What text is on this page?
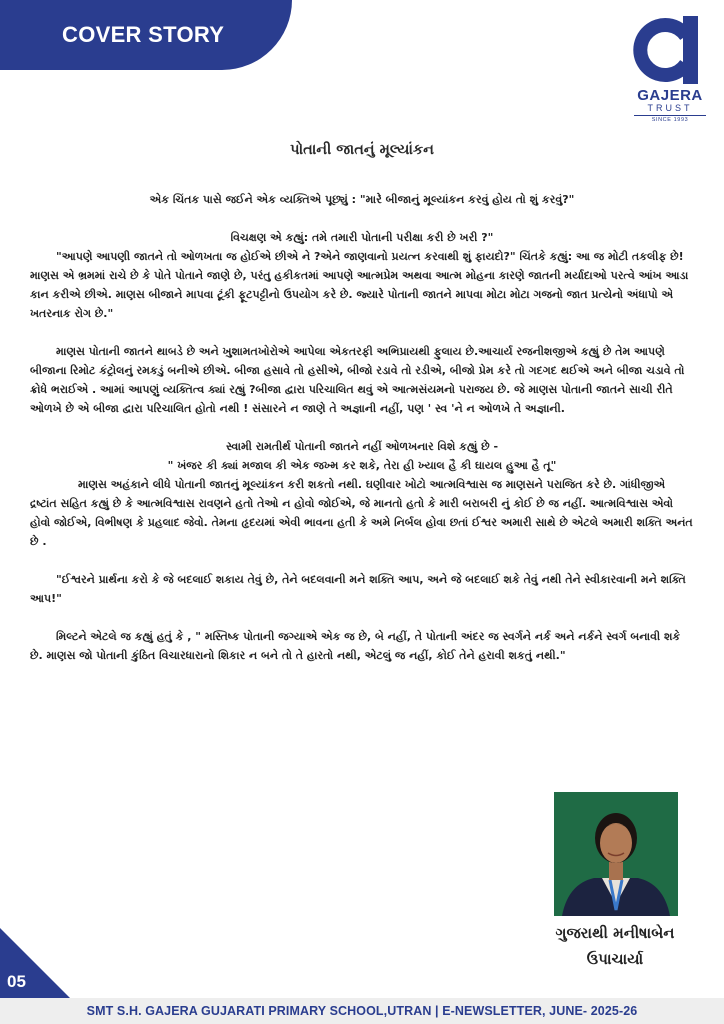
COVER STORY
GAJERA
TRUST
SINCE 1993
પોતાની જાતનું મૂલ્યાંકન

એક ચિંતક પાસે જઈને એક વ્યક્તિએ પૂછ્યું : "મારે બીજાનું મૂલ્યાંકન કરવું હોય તો શું કરવું?"

વિચક્ષણ એ કહ્યું: તમે તમારી પોતાની પરીક્ષા કરી છે ખરી ?"

"આપણે આપણી જાતને તો ઓળખતા જ હોઈએ છીએ ને ?એને જાણવાનો પ્રયત્ન કરવાથી શું ફાયદો?" ચિંતકે કહ્યું: આ જ મોટી તકલીફ છે! માણસ એ ભ્રમમાં રાચે છે કે પોતે પોતાને જાણે છે, પરંતુ હકીકતમાં આપણે આત્મપ્રેમ અથવા આત્મ મોહના કારણે જાતની મર્યાદાઓ પરત્વે આંખ આડા કાન કરીએ છીએ. માણસ બીજાને માપવા ટૂંકી ફૂટપટ્ટીનો ઉપયોગ કરે છે. જ્યારે પોતાની જાતને માપવા મોટા મોટા ગજનો જાત પ્રત્યેનો અંધાપો એ ખતરનાક રોગ છે."

માણસ પોતાની જાતને થાબડે છે અને ખુશામતખોરોએ આપેલા એકતરફી અભિપ્રાયથી ફુલાય છે.આચાર્ય રજનીશજીએ કહ્યું છે તેમ આપણે બીજાના રિમોટ કંટ્રોલનું રમકડું બનીએ છીએ. બીજા હસાવે તો હસીએ, બીજો રડાવે તો રડીએ, બીજો પ્રેમ કરે તો ગદગદ થઈએ અને બીજા ચડાવે તો ક્રોધે ભરાઈએ . આમાં આપણું વ્યક્તિત્વ ક્યાં રહ્યું ?બીજા દ્વારા પરિચાલિત થવું એ આત્મસંયમનો પરાજય છે. જે માણસ પોતાની જાતને સાચી રીતે ઓળખે છે એ બીજા દ્વારા પરિચાલિત હોતો નથી ! સંસારને ન જાણે તે અજ્ઞાની નહીં, પણ ' સ્વ 'ને ન ઓળખે તે અજ્ઞાની.

સ્વામી રામતીર્થ પોતાની જાતને નહીં ઓળખનાર વિશે કહ્યું છે -

" ખંજર કી ક્યાં મજાલ કી એક જખ્મ કર શકે, તેરા હી ખ્યાલ હૈ કી ઘાયલ હુઆ હૈ તૂ"

માણસ અહંકાને લીધે પોતાની જાતનું મૂલ્યાંકન કરી શકતો નથી. ઘણીવાર ખોટો આત્મવિશ્વાસ જ માણસને પરાજિત કરે છે. ગાંધીજીએ દ્રષ્ટાંત સહિત કહ્યું છે કે આત્મવિશ્વાસ રાવણને હતો તેઓ ન હોવો જોઈએ, જે માનતો હતો કે મારી બરાબરી નું કોઈ છે જ નહીં. આત્મવિશ્વાસ એવો હોવો જોઈએ, વિભીષણ કે પ્રહલાદ જેવો. તેમના હૃદયમાં એવી ભાવના હતી કે અમે નિર્બલ હોવા છતાં ઈશ્વર અમારી સાથે છે એટલે અમારી શક્તિ અનંત છે .

"ઈશ્વરને પ્રાર્થના કરો કે જે બદલાઈ શકાય તેવું છે, તેને બદલવાની મને શક્તિ આપ, અને જે બદલાઈ શકે તેવું નથી તેને સ્વીકારવાની મને શક્તિ આપ!"

મિલ્ટને એટલે જ કહ્યું હતું કે , " મસ્તિષ્ક પોતાની જગ્યાએ એક જ છે, બે નહીં, તે પોતાની અંદર જ સ્વર્ગને નર્ક અને નર્કને સ્વર્ગ બનાવી શકે છે. માણસ જો પોતાની કુંઠિત વિચારધારાનો શિકાર ન બને તો તે હારતો નથી, એટલું જ નહીં, કોઈ તેને હરાવી શકતું નથી."

ગુજરાથી મનીષાબેન
ઉપાચાર્યા
05
SMT S.H. GAJERA GUJARATI PRIMARY SCHOOL,UTRAN | E-NEWSLETTER, JUNE- 2025-26
